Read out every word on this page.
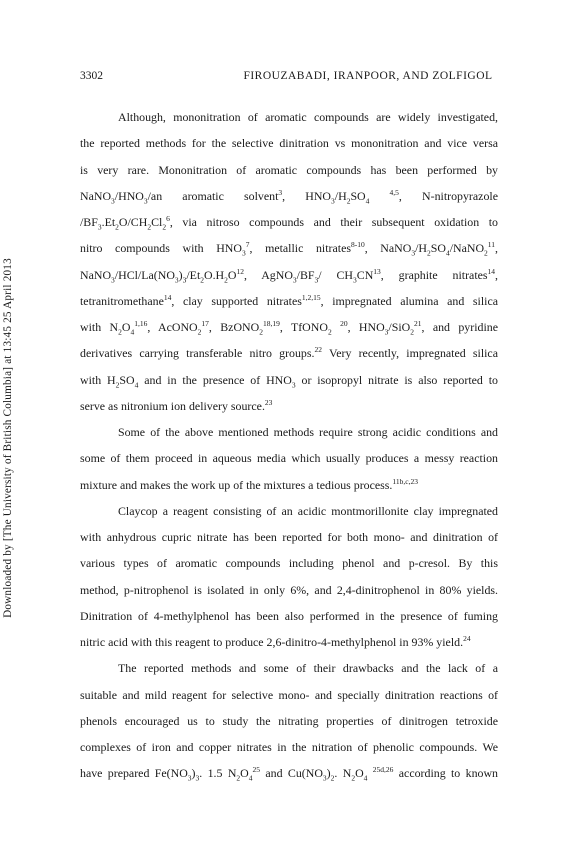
Downloaded by [The University of British Columbia] at 13:45 25 April 2013
3302	FIROUZABADI, IRANPOOR, AND ZOLFIGOL
Although, mononitration of aromatic compounds are widely investigated,
the reported methods for the selective dinitration vs mononitration and vice versa
is very rare. Mononitration of aromatic compounds has been performed by
$NaNO_3/HNO_3/an$ aromatic solvent$^3$, $HNO_3/H_2SO_4$ $^{4,5}$, N-nitropyrazole
$/BF_3.Et_2O/CH_2Cl_2^6$, via nitroso compounds and their subsequent oxidation to
nitro compounds with $HNO_3^7$, metallic nitrates$^{8-10}$, $NaNO_3/H_2SO_4/NaNO_2^{11}$,
$NaNO_3/HCl/La(NO_3)_3/Et_2O.H_2O^{12}$, $AgNO_3/BF_3/$ $CH_3CN^{13}$, graphite nitrates$^{14}$,
tetranitromethane$^{14}$, clay supported nitrates$^{1,2,15}$, impregnated alumina and silica
with $N_2O_4^{1,16}$, AcONO$_2^{17}$, BzONO$_2^{18,19}$, TfONO$_2$ $^{20}$, $HNO_3/SiO_2^{21}$, and pyridine
derivatives carrying transferable nitro groups.$^{22}$ Very recently, impregnated silica
with $H_2SO_4$ and in the presence of $HNO_3$ or isopropyl nitrate is also reported to
serve as nitronium ion delivery source.$^{23}$
Some of the above mentioned methods require strong acidic conditions and
some of them proceed in aqueous media which usually produces a messy reaction
mixture and makes the work up of the mixtures a tedious process.$^{11b,c,23}$
Claycop a reagent consisting of an acidic montmorillonite clay impregnated
with anhydrous cupric nitrate has been reported for both mono- and dinitration of
various types of aromatic compounds including phenol and p-cresol. By this
method, p-nitrophenol is isolated in only 6%, and 2,4-dinitrophenol in 80% yields.
Dinitration of 4-methylphenol has been also performed in the presence of fuming
nitric acid with this reagent to produce 2,6-dinitro-4-methylphenol in 93% yield.$^{24}$
The reported methods and some of their drawbacks and the lack of a
suitable and mild reagent for selective mono- and specially dinitration reactions of
phenols encouraged us to study the nitrating properties of dinitrogen tetroxide
complexes of iron and copper nitrates in the nitration of phenolic compounds. We
have prepared $Fe(NO_3)_3$. 1.5 $N_2O_4^{25}$ and $Cu(NO_3)_2$. $N_2O_4$ $^{25d,26}$ according to known
